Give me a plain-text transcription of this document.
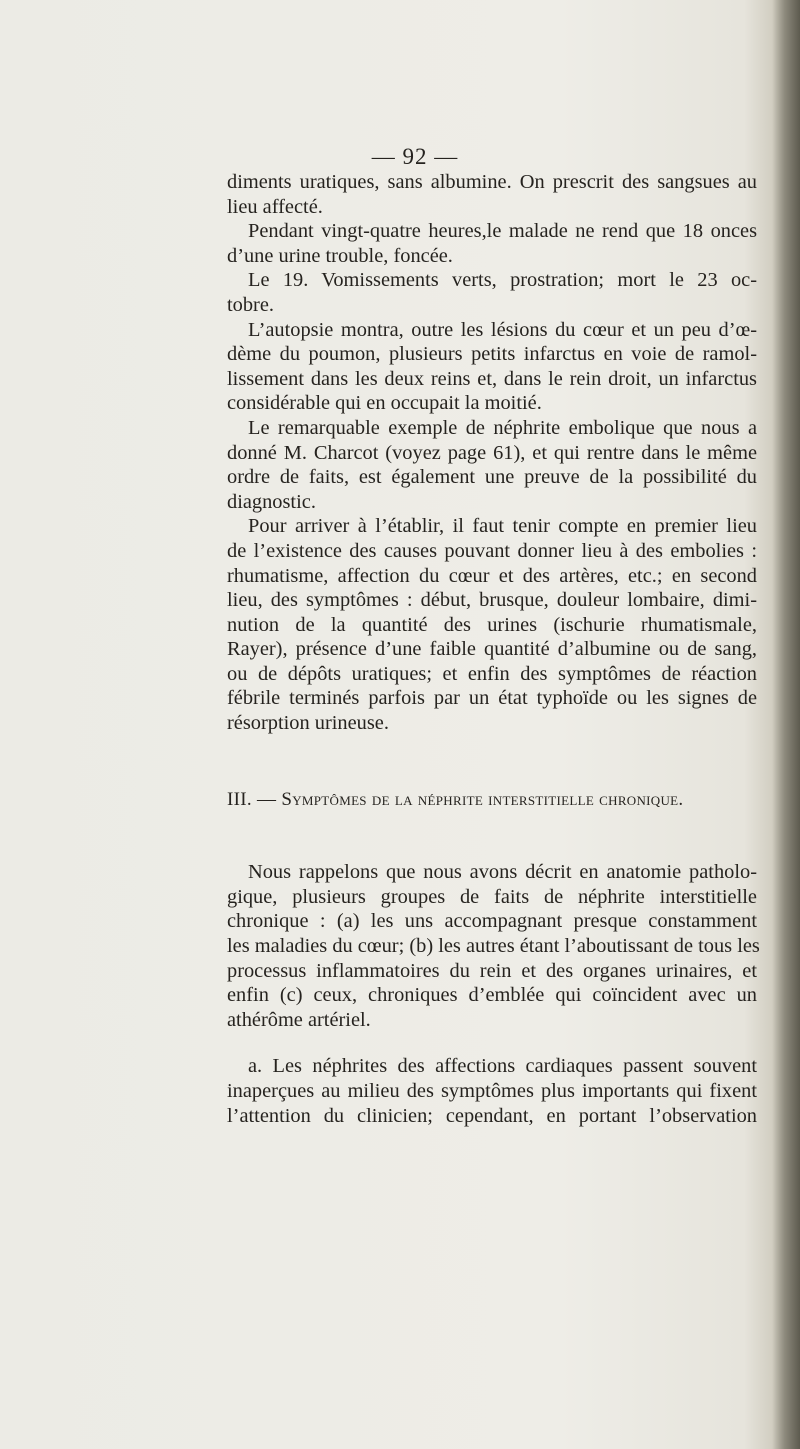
— 92 —
diments uratiques, sans albumine. On prescrit des sangsues au
lieu affecté.
Pendant vingt-quatre heures,le malade ne rend que 18 onces
d’une urine trouble, foncée.
Le 19. Vomissements verts, prostration; mort le 23 oc-
tobre.
L’autopsie montra, outre les lésions du cœur et un peu d’œ-
dème du poumon, plusieurs petits infarctus en voie de ramol-
lissement dans les deux reins et, dans le rein droit, un infarctus
considérable qui en occupait la moitié.
Le remarquable exemple de néphrite embolique que nous a
donné M. Charcot (voyez page 61), et qui rentre dans le même
ordre de faits, est également une preuve de la possibilité du
diagnostic.
Pour arriver à l’établir, il faut tenir compte en premier lieu
de l’existence des causes pouvant donner lieu à des embolies :
rhumatisme, affection du cœur et des artères, etc.; en second
lieu, des symptômes : début, brusque, douleur lombaire, dimi-
nution de la quantité des urines (ischurie rhumatismale,
Rayer), présence d’une faible quantité d’albumine ou de sang,
ou de dépôts uratiques; et enfin des symptômes de réaction
fébrile terminés parfois par un état typhoïde ou les signes de
résorption urineuse.
III. — Symptômes de la néphrite interstitielle chronique.
Nous rappelons que nous avons décrit en anatomie patholo-
gique, plusieurs groupes de faits de néphrite interstitielle
chronique : (a) les uns accompagnant presque constamment
les maladies du cœur; (b) les autres étant l’aboutissant de tous les
processus inflammatoires du rein et des organes urinaires, et
enfin (c) ceux, chroniques d’emblée qui coïncident avec un
athérôme artériel.
a. Les néphrites des affections cardiaques passent souvent
inaperçues au milieu des symptômes plus importants qui fixent
l’attention du clinicien; cependant, en portant l’observation
